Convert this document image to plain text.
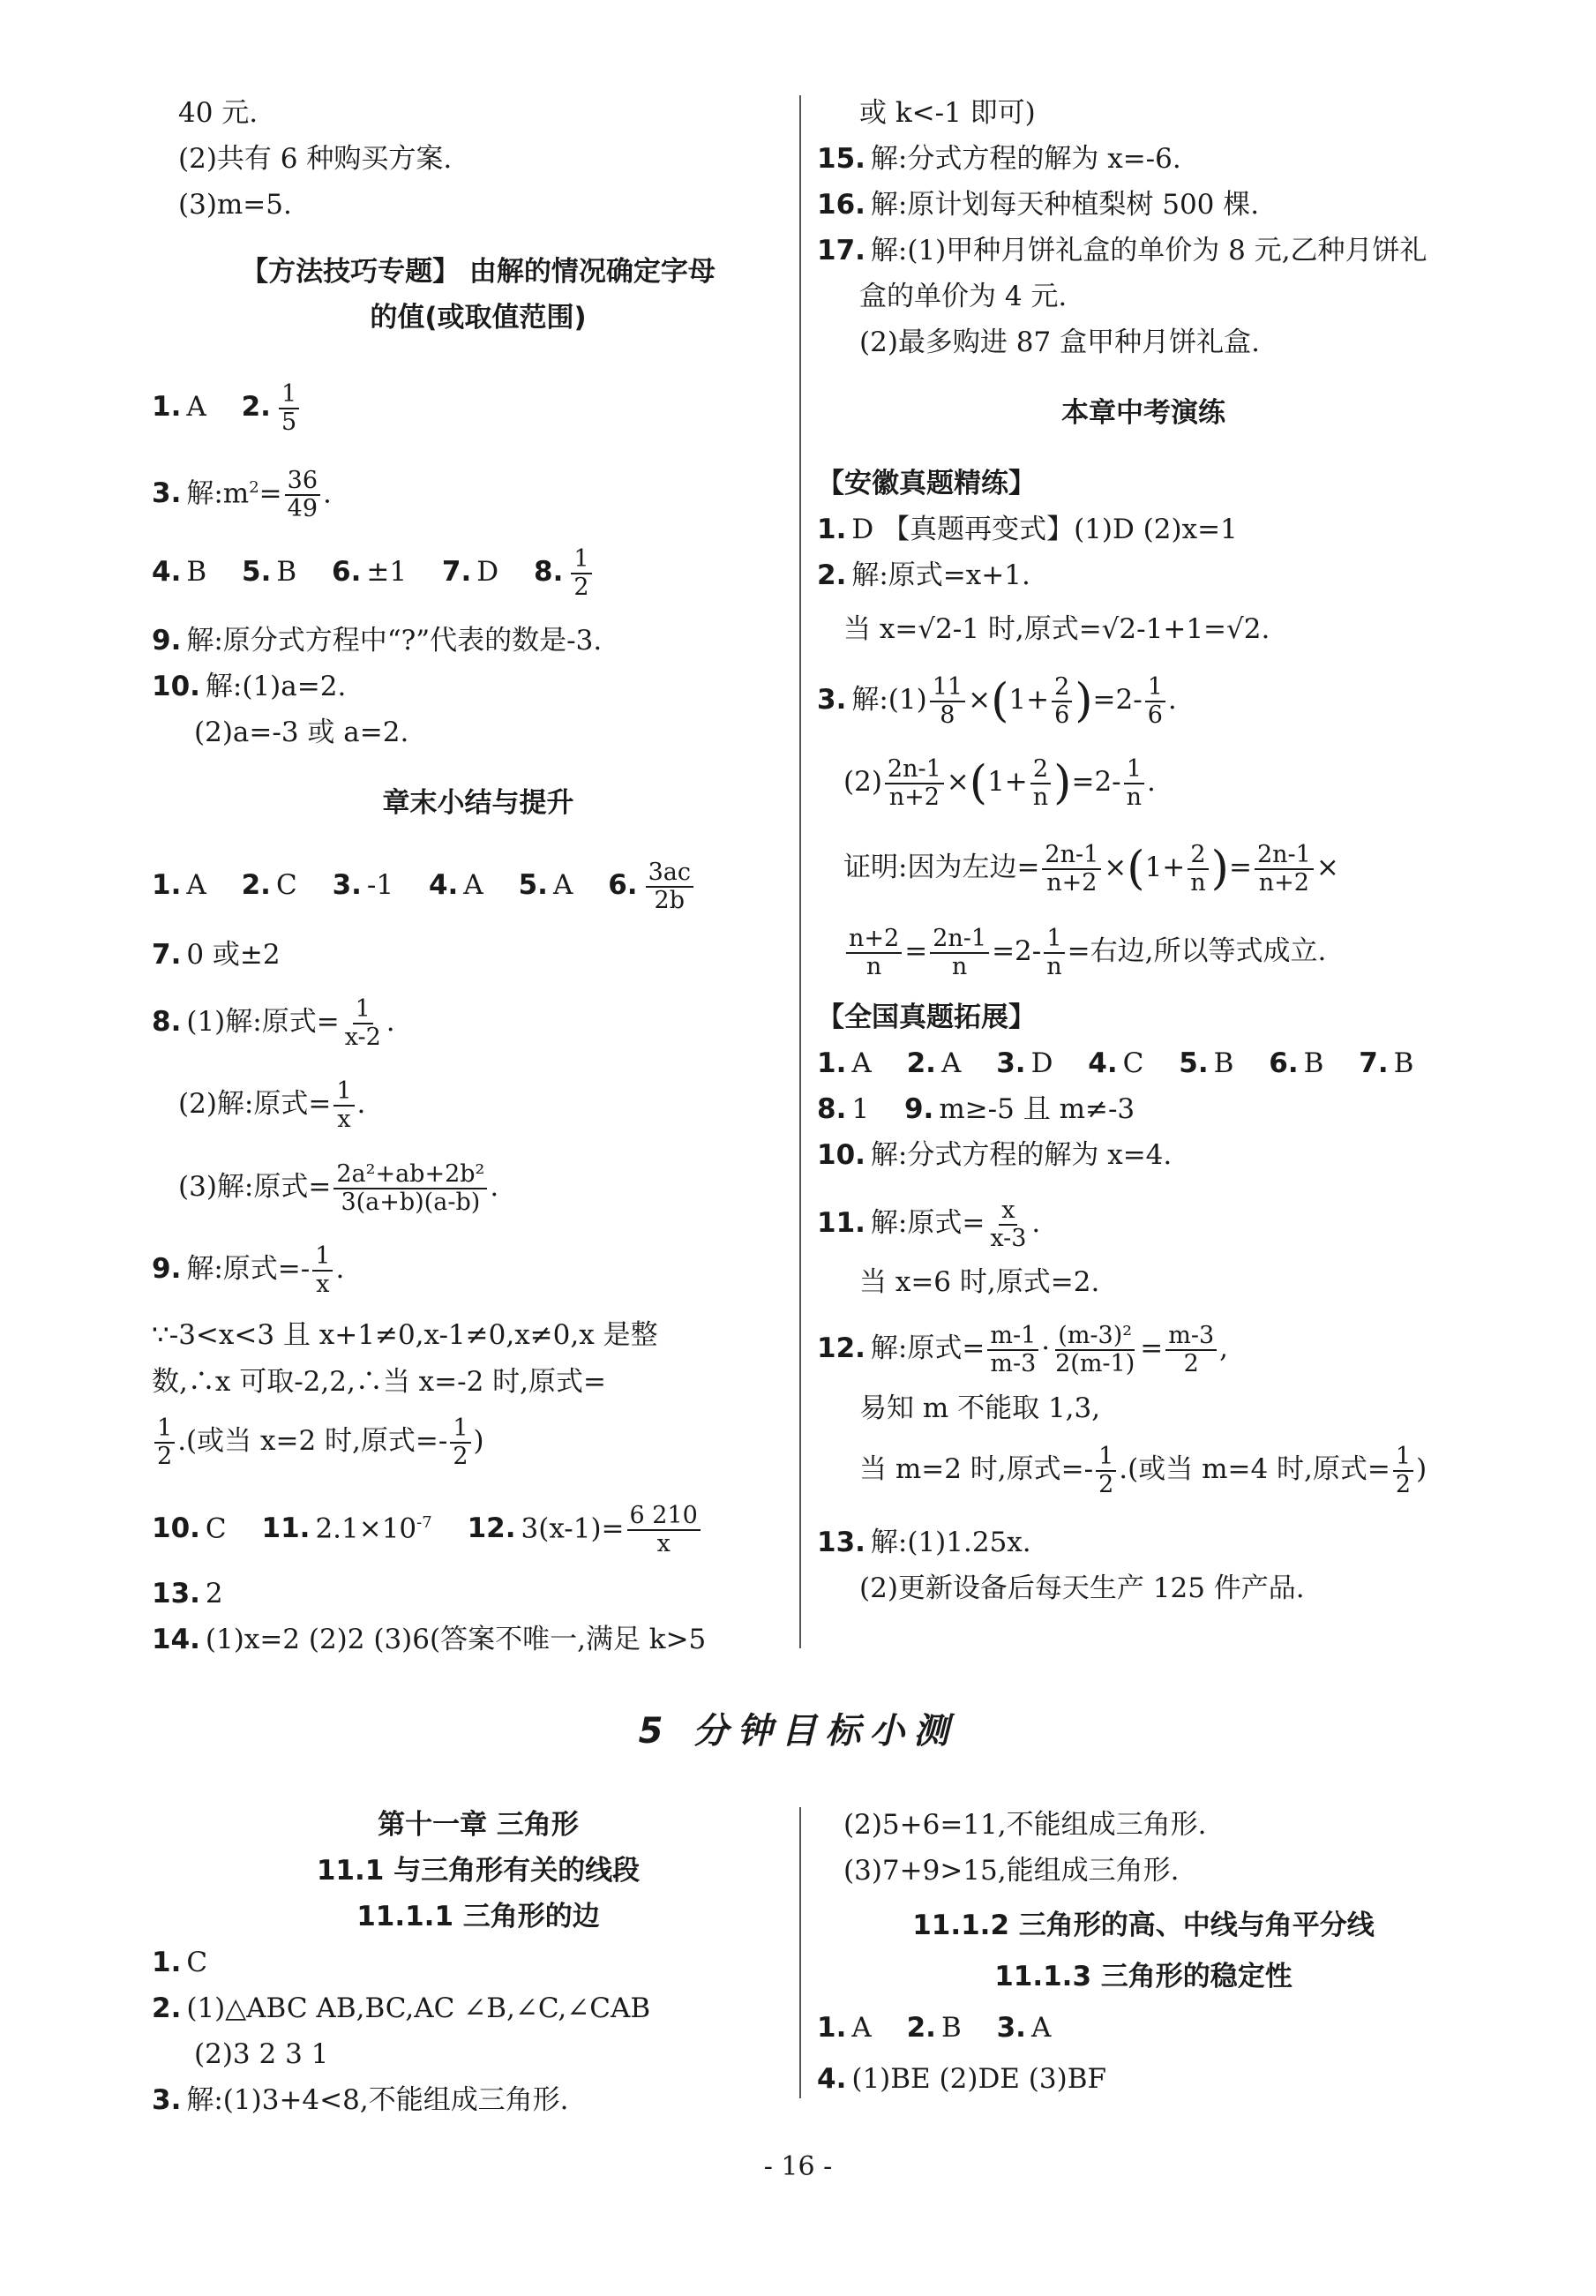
40 元.
(2)共有 6 种购买方案.
(3)m=5.
【方法技巧专题】 由解的情况确定字母
的值(或取值范围)
1. A 2. $\frac{1}{5}$
3. 解$:m^2= \frac{36}{49}$ .
4. B 5. B 6. ±1 7. D 8. $\frac{1}{2}$
9. 解:原分式方程中“?”代表的数是-3.
10. 解:(1)a=2.
(2)a=-3 或 a=2.
章末小结与提升
1. A 2. C 3. -1 4. A 5. A 6. $\frac{3ac}{2b}$
7. 0 或±2
8. (1)解:原式= $\frac{1}{x-2}$ .
(2)解:原式= $\frac{1}{x}$ .
(3)解:原式= $\frac{\text{2a²+ab+2b²}}{3(a+b)(a-b)}$ .
9. 解:原式=- $\frac{1}{x}$ .
∵-3<x<3 且 x+1≠0,x-1≠0,x≠0,x 是整
数,∴x 可取-2,2,∴当 x=-2 时,原式=
$\frac{1}{2}$ .(或当 x=2 时,原式=- $\frac{1}{2}$ )
10. C 11. $2.1\times 10^{-7}$ 12. $3(x-1)= \frac{6 210}{x}$
13. 2
14. (1)x=2 (2)2 (3)6(答案不唯一,满足 k>5
或 k<-1 即可)
15. 解:分式方程的解为 x=-6.
16. 解:原计划每天种植梨树 500 棵.
17. 解:(1)甲种月饼礼盒的单价为 8 元,乙种月饼礼
盒的单价为 4 元.
(2)最多购进 87 盒甲种月饼礼盒.
本章中考演练
【安徽真题精练】
1. D 【真题再变式】(1)D (2)x=1
2. 解:原式=x+1.
当 x=√2-1 时,原式=√2-1+1=√2.
3. 解:(1) $\frac{11}{8} \times(1+ \frac{2}{6} )=2- \frac{1}{6}$ .
$(2) \frac{2n-1}{n+2} \times(1+ \frac{2}{n} )=2- \frac{1}{n}$ .
证明:因为左边= $\frac{2n-1}{n+2} \times(1+ \frac{2}{n}$ )= $\frac{2n-1}{n+2}$ ×
$\frac{n+2}{n} = \frac{2n-1}{n} =2- \frac{1}{n}$ =右边,所以等式成立.
【全国真题拓展】
1. A 2. A 3. D 4. C 5. B 6. B 7. B
8. 1 9. m≥-5 且 m≠-3
10. 解:分式方程的解为 x=4.
11. 解:原式= $\frac{x}{x-3}$ .
当 x=6 时,原式=2.
12. 解:原式= $\frac{m-1}{m-3} \cdot \frac{\text{(m-3)²}}{2(m-1)} = \frac{m-3}{2}$ ,
易知 m 不能取 1,3,
当 m=2 时,原式=- $\frac{1}{2}$ .(或当 m=4 时,原式= $\frac{1}{2}$ )
13. 解:(1)1.25x.
(2)更新设备后每天生产 125 件产品.
5 分钟目标小测
第十一章 三角形
11.1 与三角形有关的线段
11.1.1 三角形的边
1. C
2. (1)△ABC AB,BC,AC ∠B,∠C,∠CAB
(2)3 2 3 1
3. 解:(1)3+4<8,不能组成三角形.
(2)5+6=11,不能组成三角形.
(3)7+9>15,能组成三角形.
11.1.2 三角形的高、中线与角平分线
11.1.3 三角形的稳定性
1. A 2. B 3. A
4. (1)BE (2)DE (3)BF
- 16 -
